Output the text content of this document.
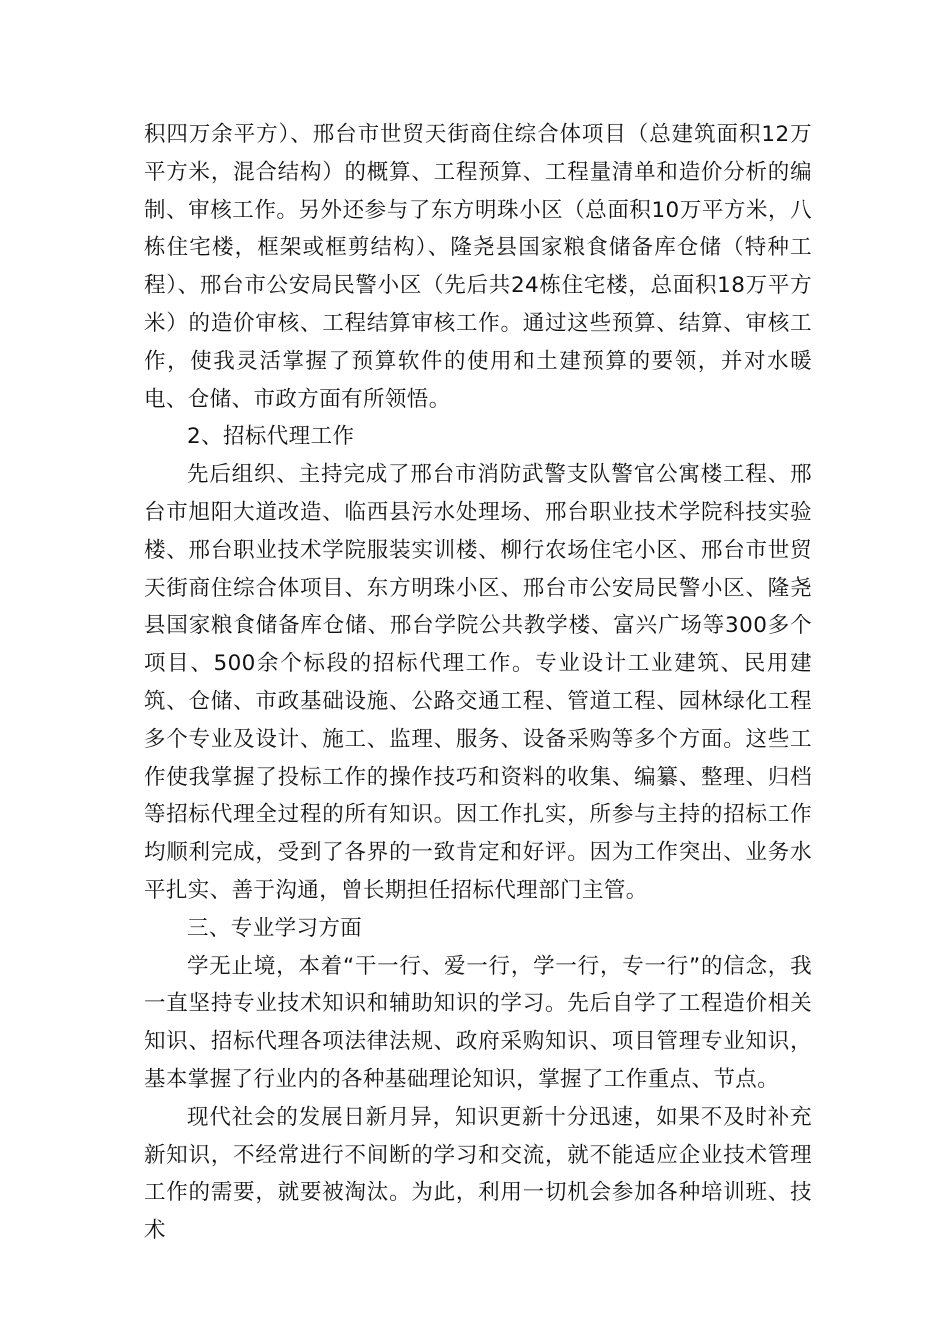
积四万余平方）、邢台市世贸天街商住综合体项目（总建筑面积12万平方米，混合结构）的概算、工程预算、工程量清单和造价分析的编制、审核工作。另外还参与了东方明珠小区（总面积10万平方米，八栋住宅楼，框架或框剪结构）、隆尧县国家粮食储备库仓储（特种工程）、邢台市公安局民警小区（先后共24栋住宅楼，总面积18万平方米）的造价审核、工程结算审核工作。通过这些预算、结算、审核工作，使我灵活掌握了预算软件的使用和土建预算的要领，并对水暖电、仓储、市政方面有所领悟。

2、招标代理工作

先后组织、主持完成了邢台市消防武警支队警官公寓楼工程、邢台市旭阳大道改造、临西县污水处理场、邢台职业技术学院科技实验楼、邢台职业技术学院服装实训楼、柳行农场住宅小区、邢台市世贸天街商住综合体项目、东方明珠小区、邢台市公安局民警小区、隆尧县国家粮食储备库仓储、邢台学院公共教学楼、富兴广场等300多个项目、500余个标段的招标代理工作。专业设计工业建筑、民用建筑、仓储、市政基础设施、公路交通工程、管道工程、园林绿化工程多个专业及设计、施工、监理、服务、设备采购等多个方面。这些工作使我掌握了投标工作的操作技巧和资料的收集、编纂、整理、归档等招标代理全过程的所有知识。因工作扎实，所参与主持的招标工作均顺利完成，受到了各界的一致肯定和好评。因为工作突出、业务水平扎实、善于沟通，曾长期担任招标代理部门主管。

三、专业学习方面

学无止境，本着“干一行、爱一行，学一行，专一行”的信念，我一直坚持专业技术知识和辅助知识的学习。先后自学了工程造价相关知识、招标代理各项法律法规、政府采购知识、项目管理专业知识，基本掌握了行业内的各种基础理论知识，掌握了工作重点、节点。

现代社会的发展日新月异，知识更新十分迅速，如果不及时补充新知识，不经常进行不间断的学习和交流，就不能适应企业技术管理工作的需要，就要被淘汰。为此，利用一切机会参加各种培训班、技术
